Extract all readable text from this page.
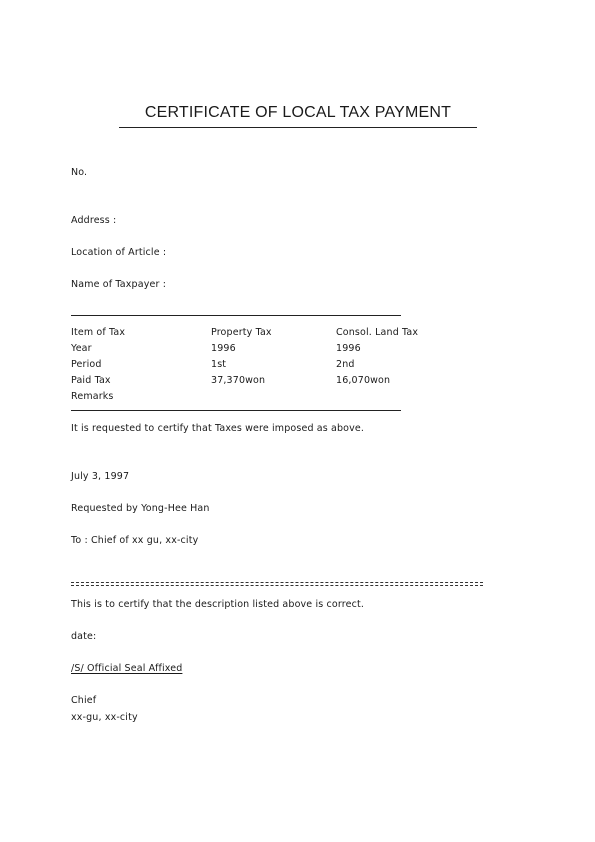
CERTIFICATE OF LOCAL TAX PAYMENT
No.
Address :
Location of Article :
Name of Taxpayer :
Item of Tax	Property Tax	Consol. Land Tax
Year	1996	1996
Period	1st	2nd
Paid Tax	37,370won	16,070won
Remarks
It is requested to certify that Taxes were imposed as above.
July 3, 1997
Requested by Yong-Hee Han
To : Chief of xx gu, xx-city
This is to certify that the description listed above is correct.
date:
/S/ Official Seal Affixed
Chief
xx-gu, xx-city
